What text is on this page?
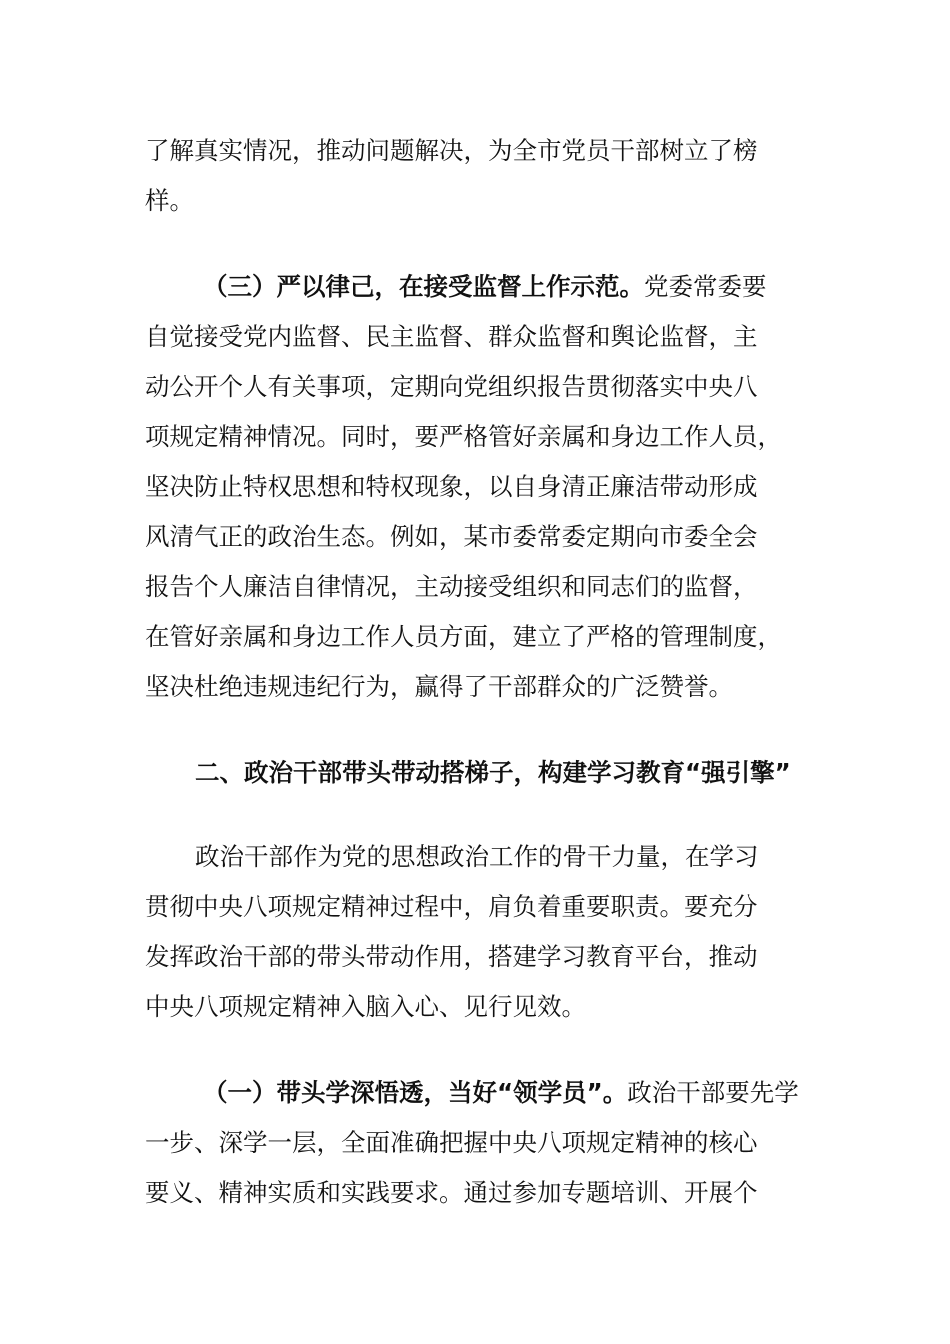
了解真实情况，推动问题解决，为全市党员干部树立了榜
样。

（三）严以律己，在接受监督上作示范。党委常委要
自觉接受党内监督、民主监督、群众监督和舆论监督，主
动公开个人有关事项，定期向党组织报告贯彻落实中央八
项规定精神情况。同时，要严格管好亲属和身边工作人员，
坚决防止特权思想和特权现象，以自身清正廉洁带动形成
风清气正的政治生态。例如，某市委常委定期向市委全会
报告个人廉洁自律情况，主动接受组织和同志们的监督，
在管好亲属和身边工作人员方面，建立了严格的管理制度，
坚决杜绝违规违纪行为，赢得了干部群众的广泛赞誉。

二、政治干部带头带动搭梯子，构建学习教育“强引擎”

政治干部作为党的思想政治工作的骨干力量，在学习
贯彻中央八项规定精神过程中，肩负着重要职责。要充分
发挥政治干部的带头带动作用，搭建学习教育平台，推动
中央八项规定精神入脑入心、见行见效。

（一）带头学深悟透，当好“领学员”。政治干部要先学
一步、深学一层，全面准确把握中央八项规定精神的核心
要义、精神实质和实践要求。通过参加专题培训、开展个
